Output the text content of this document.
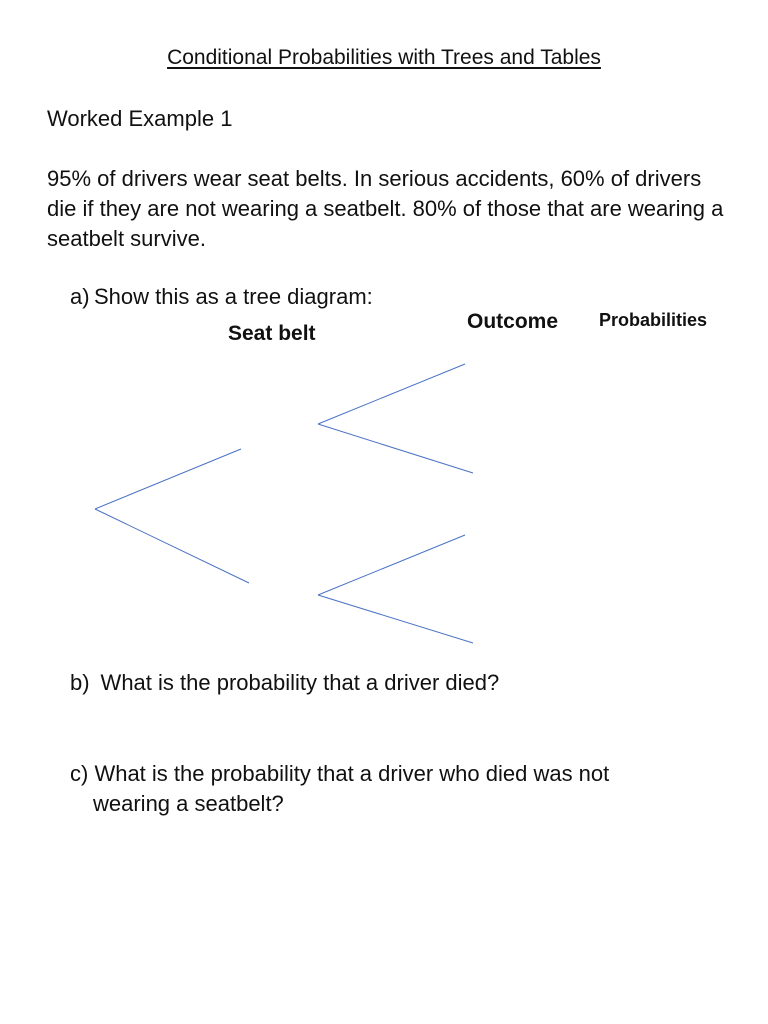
Conditional Probabilities with Trees and Tables
Worked Example 1
95% of drivers wear seat belts. In serious accidents, 60% of drivers die if they are not wearing a seatbelt. 80% of those that are wearing a seatbelt survive.
a) Show this as a tree diagram:
Seat belt
Outcome Probabilities
b) What is the probability that a driver died?
c) What is the probability that a driver who died was not
wearing a seatbelt?
